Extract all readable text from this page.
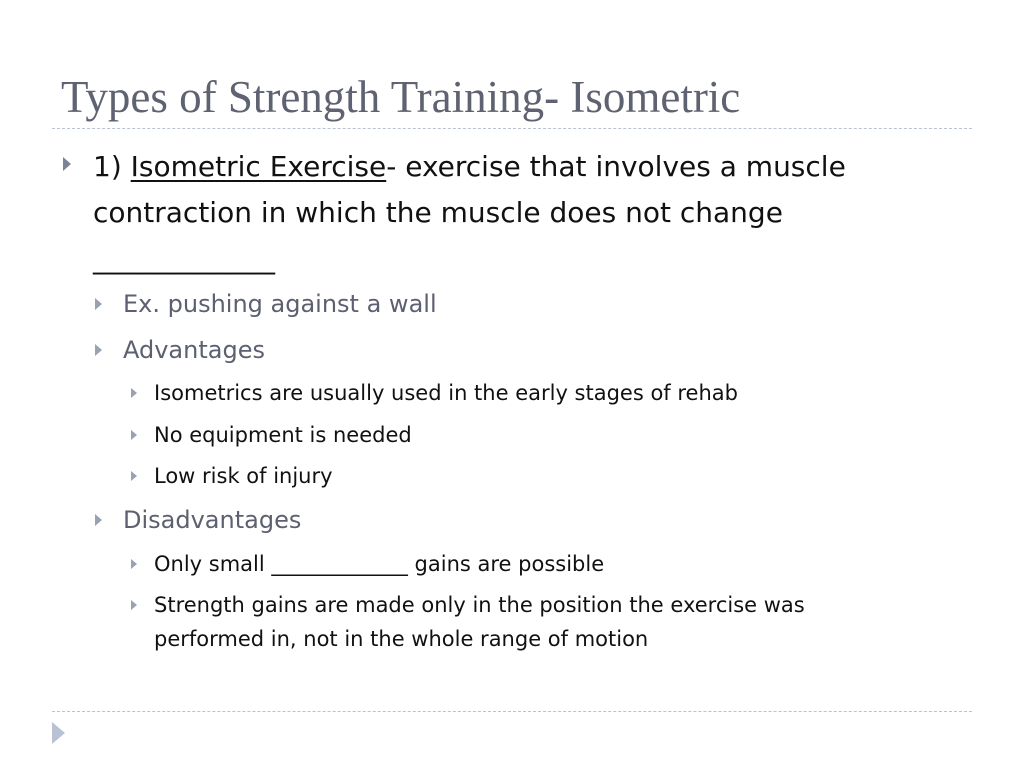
Types of Strength Training- Isometric

1) Isometric Exercise- exercise that involves a muscle
contraction in which the muscle does not change
_____________

Ex. pushing against a wall

Advantages

Isometrics are usually used in the early stages of rehab

No equipment is needed

Low risk of injury

Disadvantages

Only small _____________ gains are possible

Strength gains are made only in the position the exercise was
performed in, not in the whole range of motion
